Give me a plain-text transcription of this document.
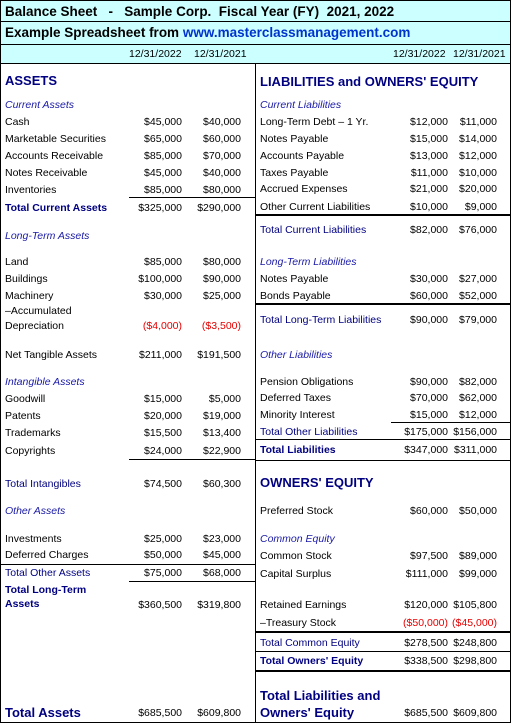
Balance Sheet   -   Sample Corp.  Fiscal Year (FY)  2021, 2022
Example Spreadsheet from www.masterclassmanagement.com
12/31/2022 12/31/2021	12/31/2022 12/31/2021
ASSETS
Current Assets
Cash	$45,000 $40,000
Marketable Securities	$65,000 $60,000
Accounts Receivable	$85,000 $70,000
Notes Receivable	$45,000 $40,000
Inventories	$85,000 $80,000
Total Current Assets	$325,000 $290,000
Long-Term Assets
Land	$85,000 $80,000
Buildings	$100,000 $90,000
Machinery	$30,000 $25,000
–Accumulated Depreciation	($4,000) ($3,500)
Net Tangible Assets	$211,000 $191,500
Intangible Assets
Goodwill	$15,000	$5,000
Patents	$20,000 $19,000
Trademarks	$15,500 $13,400
Copyrights	$24,000 $22,900
Total Intangibles	$74,500 $60,300
Other Assets
Investments	$25,000 $23,000
Deferred Charges	$50,000 $45,000
Total Other Assets	$75,000 $68,000
Total Long-Term Assets	$360,500 $319,800
Total Assets	$685,500 $609,800
LIABILITIES and OWNERS' EQUITY
Current Liabilities
Long-Term Debt – 1 Yr.	$12,000 $11,000
Notes Payable	$15,000 $14,000
Accounts Payable	$13,000 $12,000
Taxes Payable	$11,000 $10,000
Accrued Expenses	$21,000 $20,000
Other Current Liabilities	$10,000 $9,000
Total Current Liabilities	$82,000 $76,000
Long-Term Liabilities
Notes Payable	$30,000 $27,000
Bonds Payable	$60,000 $52,000
Total Long-Term Liabilities	$90,000 $79,000
Other Liabilities
Pension Obligations	$90,000 $82,000
Deferred Taxes	$70,000 $62,000
Minority Interest	$15,000 $12,000
Total Other Liabilities	$175,000 $156,000
Total Liabilities	$347,000 $311,000
OWNERS' EQUITY
Preferred Stock	$60,000 $50,000
Common Equity
Common Stock	$97,500 $89,000
Capital Surplus	$111,000 $99,000
Retained Earnings	$120,000 $105,800
–Treasury Stock	($50,000) ($45,000)
Total Common Equity	$278,500 $248,800
Total Owners' Equity	$338,500 $298,800
Total Liabilities and Owners' Equity	$685,500 $609,800
